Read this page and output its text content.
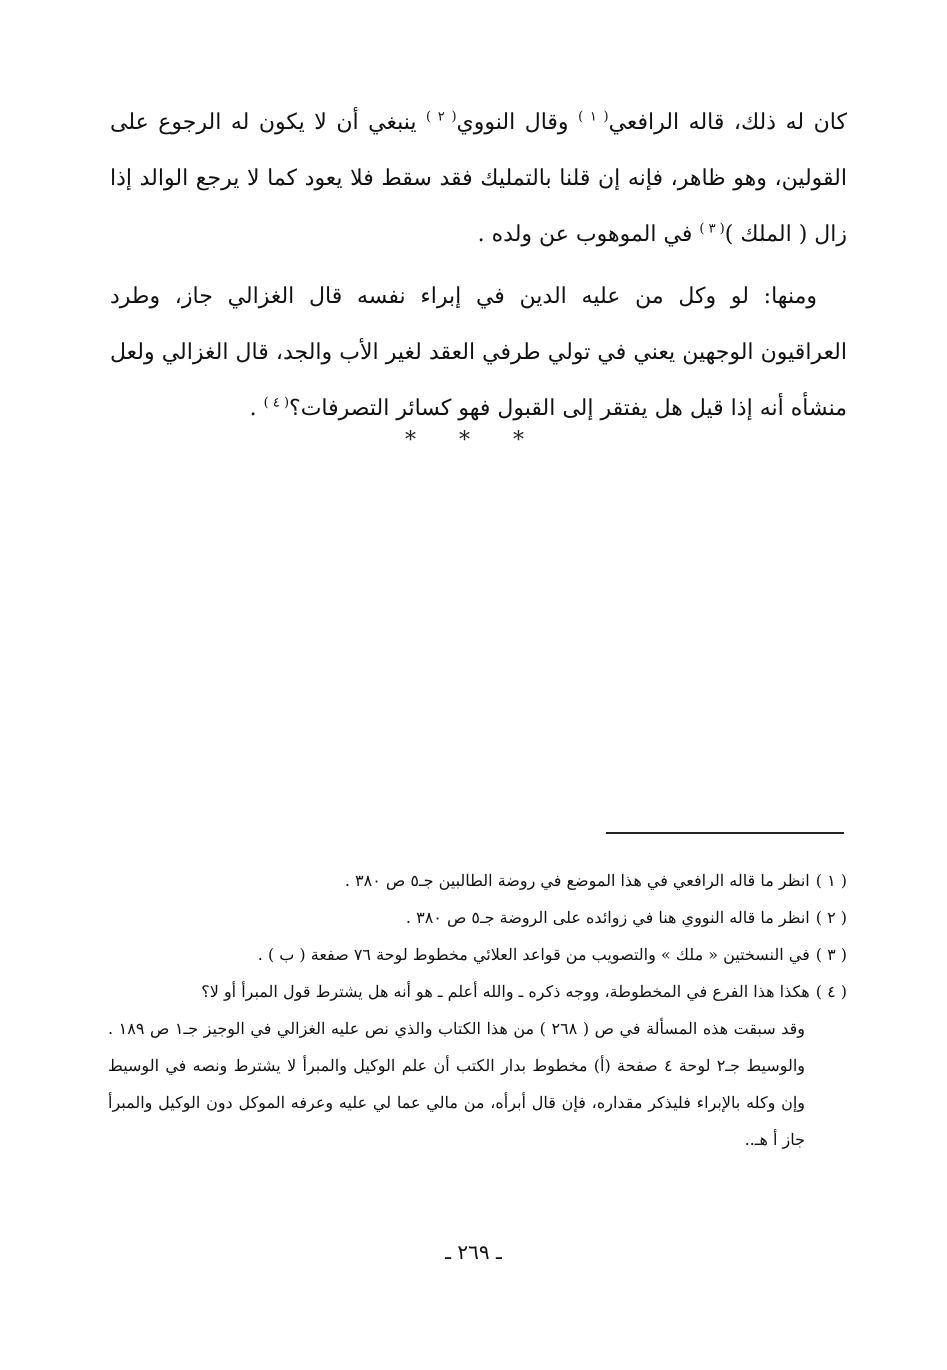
كان له ذلك، قاله الرافعي$^{( ١ )}$ وقال النووي$^{( ٢ )}$ ينبغي أن لا يكون له الرجوع على القولين، وهو ظاهر، فإنه إن قلنا بالتمليك فقد سقط فلا يعود كما لا يرجع الوالد إذا زال ( الملك )$^{( ٣ )}$ في الموهوب عن ولده .

ومنها: لو وكل من عليه الدين في إبراء نفسه قال الغزالي جاز، وطرد العراقيون الوجهين يعني في تولي طرفي العقد لغير الأب والجد، قال الغزالي ولعل منشأه أنه إذا قيل هل يفتقر إلى القبول فهو كسائر التصرفات؟$^{( ٤ )}$ .

* * *

( ١ )انظر ما قاله الرافعي في هذا الموضع في روضة الطالبين جـ٥ ص ٣٨٠ .

( ٢ )انظر ما قاله النووي هنا في زوائده على الروضة جـ٥ ص ٣٨٠ .

( ٣ )في النسختين « ملك » والتصويب من قواعد العلائي مخطوط لوحة ٧٦ صفعة ( ب ) .

( ٤ )هكذا هذا الفرع في المخطوطة، ووجه ذكره ـ والله أعلم ـ هو أنه هل يشترط قول المبرأ أو لا؟

وقد سبقت هذه المسألة في ص ( ٢٦٨ ) من هذا الكتاب والذي نص عليه الغزالي في الوجيز جـ١ ص ١٨٩ . والوسيط جـ٢ لوحة ٤ صفحة (أ) مخطوط بدار الكتب أن علم الوكيل والمبرأ لا يشترط ونصه في الوسيط وإن وكله بالإبراء فليذكر مقداره، فإن قال أبرأه، من مالي عما لي عليه وعرفه الموكل دون الوكيل والمبرأ جاز أ هـ..

ـ ٢٦٩ ـ
